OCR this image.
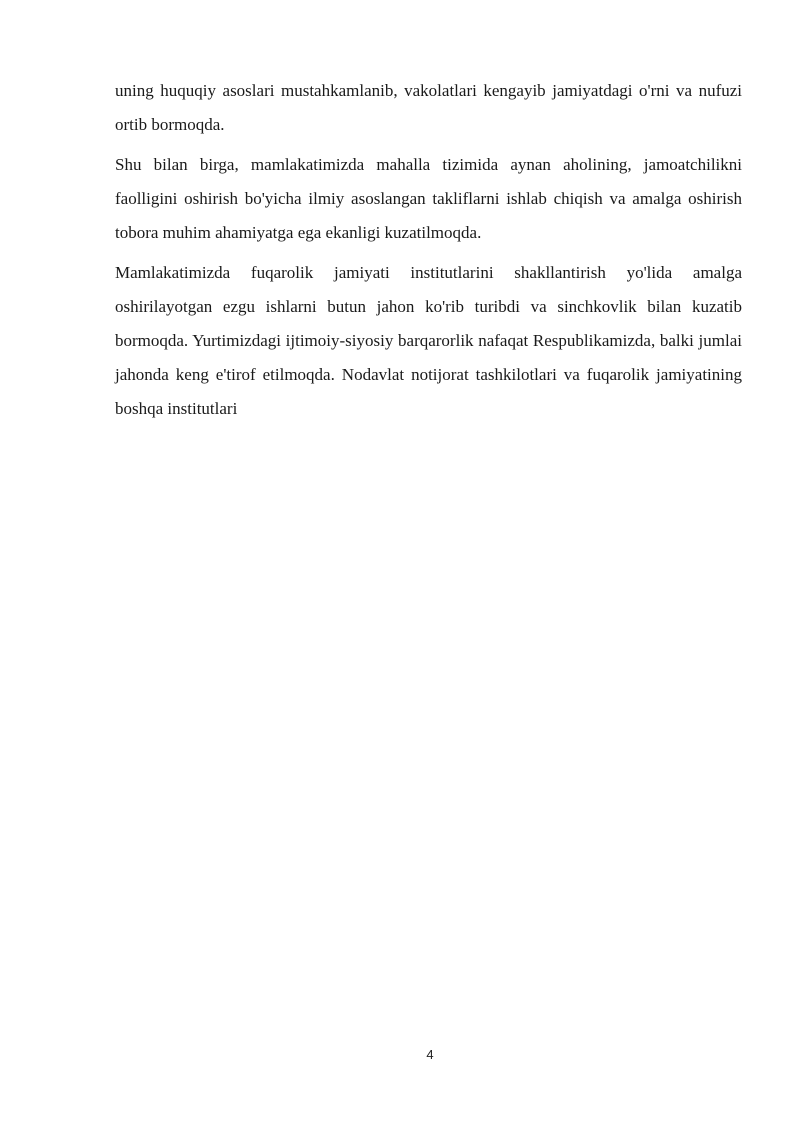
uning huquqiy asoslari mustahkamlanib, vakolatlari kengayib jamiyatdagi o'rni va nufuzi ortib bormoqda.

Shu bilan birga, mamlakatimizda mahalla tizimida aynan aholining, jamoatchilikni faolligini oshirish bo'yicha ilmiy asoslangan takliflarni ishlab chiqish va amalga oshirish tobora muhim ahamiyatga ega ekanligi kuzatilmoqda.

Mamlakatimizda fuqarolik jamiyati institutlarini shakllantirish yo'lida amalga oshirilayotgan ezgu ishlarni butun jahon ko'rib turibdi va sinchkovlik bilan kuzatib bormoqda. Yurtimizdagi ijtimoiy-siyosiy barqarorlik nafaqat Respublikamizda, balki jumlai jahonda keng e'tirof etilmoqda. Nodavlat notijorat tashkilotlari va fuqarolik jamiyatining boshqa institutlari

4
